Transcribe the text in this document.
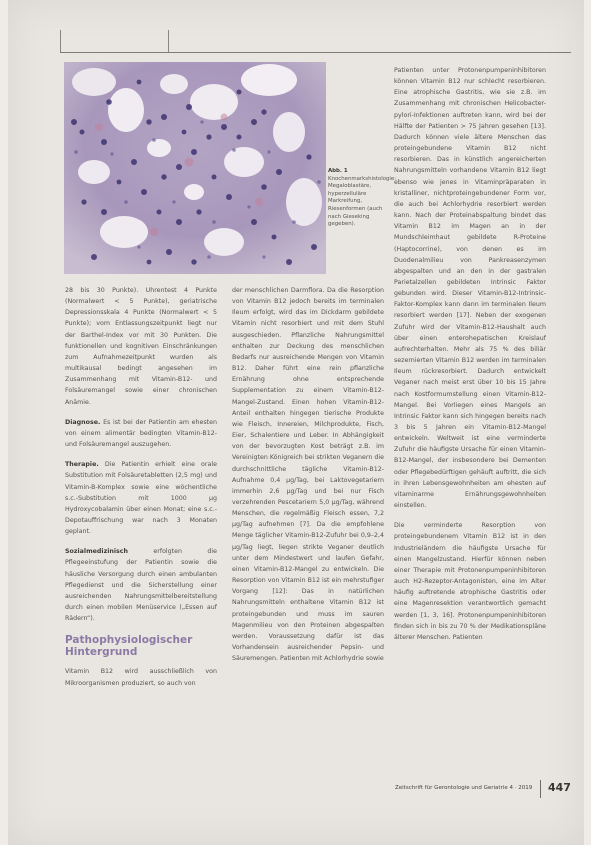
Abb. 1 Knochenmarkshistologie: Megaloblastäre, hyperzelluläre Markreifung, Riesenformen (auch nach Gieseking gegeben).

28 bis 30 Punkte). Uhrentest 4 Punkte (Normalwert < 5 Punkte), geriatrische Depressionsskala 4 Punkte (Normalwert < 5 Punkte); vom Entlassungszeitpunkt liegt nur der Barthel-Index vor mit 30 Punkten. Die funktionellen und kognitiven Einschränkungen zum Aufnahmezeitpunkt wurden als multikausal bedingt angesehen im Zusammenhang mit Vitamin-B12- und Folsäuremangel sowie einer chronischen Anämie.

Diagnose. Es ist bei der Patientin am ehesten von einem alimentär bedingten Vitamin-B12- und Folsäuremangel auszugehen.

Therapie. Die Patientin erhielt eine orale Substitution mit Folsäuretabletten (2,5 mg) und Vitamin-B-Komplex sowie eine wöchentliche s.c.-Substitution mit 1000 µg Hydroxycobalamin über einen Monat; eine s.c.-Depotauffrischung war nach 3 Monaten geplant.

Sozialmedizinisch	erfolgten die Pflegeeinstufung der Patientin sowie die häusliche Versorgung durch einen ambulanten Pflegedienst und die Sicherstellung einer ausreichenden Nahrungsmittelbereitstellung durch einen mobilen Menüservice („Essen auf Rädern“).

Pathophysiologischer Hintergrund

Vitamin B12 wird ausschließlich von Mikroorganismen produziert, so auch von

der menschlichen Darmflora. Da die Resorption von Vitamin B12 jedoch bereits im terminalen Ileum erfolgt, wird das im Dickdarm gebildete Vitamin nicht resorbiert und mit dem Stuhl ausgeschieden. Pflanzliche Nahrungsmittel enthalten zur Deckung des menschlichen Bedarfs nur ausreichende Mengen von Vitamin B12. Daher führt eine rein pflanzliche Ernährung ohne entsprechende Supplementation zu einem Vitamin-B12-Mangel-Zustand. Einen hohen Vitamin-B12-Anteil enthalten hingegen tierische Produkte wie Fleisch, Innereien, Milchprodukte, Fisch, Eier, Schalentiere und Leber. In Abhängigkeit von der bevorzugten Kost beträgt z.B. im Vereinigten Königreich bei strikten Veganern die durchschnittliche tägliche Vitamin-B12-Aufnahme 0,4 µg/Tag, bei Laktovegetariern immerhin 2,6 µg/Tag und bei nur Fisch verzehrenden Pescetariern 5,0 µg/Tag, während Menschen, die regelmäßig Fleisch essen, 7,2 µg/Tag aufnehmen [7]. Da die empfohlene Menge täglicher Vitamin-B12-Zufuhr bei 0,9–2,4 µg/Tag liegt, liegen strikte Veganer deutlich unter dem Mindestwert und laufen Gefahr, einen Vitamin-B12-Mangel zu entwickeln. Die Resorption von Vitamin B12 ist ein mehrstufiger Vorgang [12]: Das in natürlichen Nahrungsmitteln enthaltene Vitamin B12 ist proteingebunden und muss im sauren Magenmilieu von den Proteinen abgespalten werden. Voraussetzung dafür ist das Vorhandensein ausreichender Pepsin- und Säuremengen. Patienten mit Achlorhydrie sowie

Patienten unter Protonenpumpeninhibitoren können Vitamin B12 nur schlecht resorbieren. Eine atrophische Gastritis, wie sie z.B. im Zusammenhang mit chronischen Helicobacter-pylori-Infektionen auftreten kann, wird bei der Hälfte der Patienten > 75 Jahren gesehen [13]. Dadurch können viele ältere Menschen das proteingebundene Vitamin B12 nicht resorbieren. Das in künstlich angereicherten Nahrungsmitteln vorhandene Vitamin B12 liegt ebenso wie jenes in Vitaminpräparaten in kristalliner, nichtproteingebundener Form vor, die auch bei Achlorhydrie resorbiert werden kann. Nach der Proteinabspaltung bindet das Vitamin B12 im Magen an in der Mundschleimhaut gebildete R-Proteine (Haptocorrine), von denen es im Duodenalmilieu von Pankreasenzymen abgespalten und an den in der gastralen Parietalzellen gebildeten Intrinsic Faktor gebunden wird. Dieser Vitamin-B12-Intrinsic-Faktor-Komplex kann dann im terminalen Ileum resorbiert werden [17]. Neben der exogenen Zufuhr wird der Vitamin-B12-Haushalt auch über einen enterohepatischen Kreislauf aufrechterhalten. Mehr als 75 % des biliär sezernierten Vitamin B12 werden im terminalen Ileum rückresorbiert. Dadurch entwickelt Veganer nach meist erst über 10 bis 15 Jahre nach Kostformumstellung einen Vitamin-B12-Mangel. Bei Vorliegen eines Mangels an Intrinsic Faktor kann sich hingegen bereits nach 3 bis 5 Jahren ein Vitamin-B12-Mangel entwickeln. Weltweit ist eine verminderte Zufuhr die häufigste Ursache für einen Vitamin-B12-Mangel, der insbesondere bei Dementen oder Pflegebedürftigen gehäuft auftritt, die sich in ihren Lebensgewohnheiten am ehesten auf vitaminarme Ernährungsgewohnheiten einstellen.

Die verminderte Resorption von proteingebundenem Vitamin B12 ist in den Industrieländern die häufigste Ursache für einen Mangelzustand. Hierfür können neben einer Therapie mit Protonenpumpeninhibitoren auch H2-Rezeptor-Antagonisten, eine im Alter häufig auftretende atrophische Gastritis oder eine Magenresektion verantwortlich gemacht werden [1, 3, 16]. Protonenpumpeninhibitoren finden sich in bis zu 70 % der Medikationspläne älterer Menschen. Patienten

Zeitschrift für Gerontologie und Geriatrie 4 · 2019 447
